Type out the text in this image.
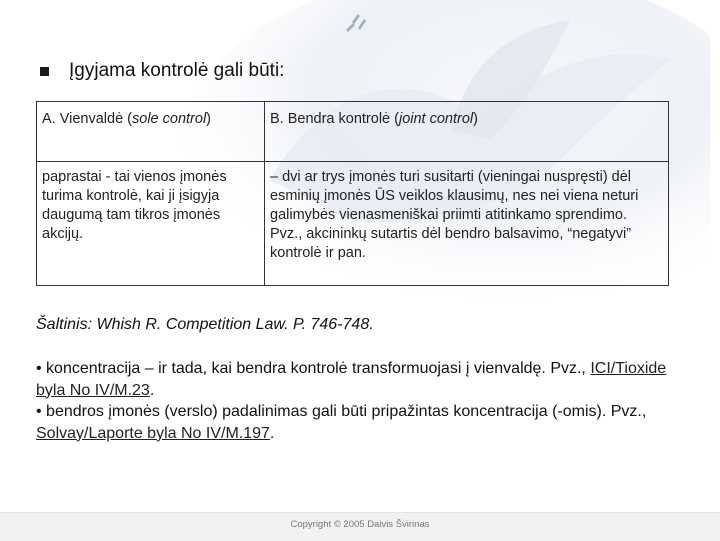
Įgyjama kontrolė gali būti:
A. Vienvaldė (sole control)	B. Bendra kontrolė (joint control)
paprastai - tai vienos įmonės turima kontrolė, kai ji įsigyja daugumą tam tikros įmonės akcijų.	– dvi ar trys įmonės turi susitarti (vieningai nuspręsti) dėl esminių įmonės ŪS veiklos klausimų, nes nei viena neturi galimybės vienasmeniškai priimti atitinkamo sprendimo. Pvz., akcininkų sutartis dėl bendro balsavimo, “negatyvi” kontrolė ir pan.
Šaltinis: Whish R. Competition Law. P. 746-748.
• koncentracija – ir tada, kai bendra kontrolė transformuojasi į vienvaldę. Pvz., ICI/Tioxide byla No IV/M.23.
• bendros įmonės (verslo) padalinimas gali būti pripažintas koncentracija (-omis). Pvz., Solvay/Laporte byla No IV/M.197.
Copyright © 2005 Daivis Švirinas
